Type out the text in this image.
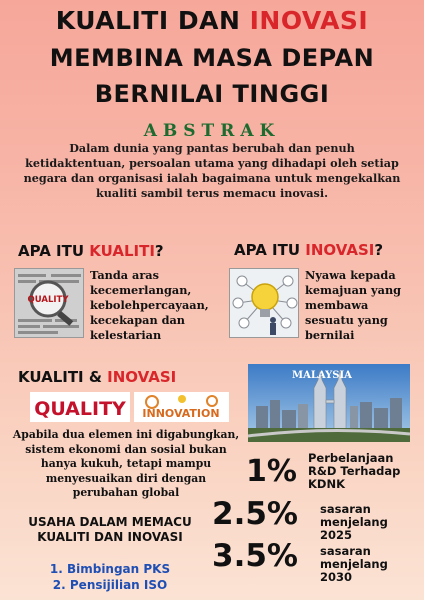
KUALITI DAN INOVASI
MEMBINA MASA DEPAN
BERNILAI TINGGI
ABSTRAK
Dalam dunia yang pantas berubah dan penuh ketidaktentuan, persoalan utama yang dihadapi oleh setiap negara dan organisasi ialah bagaimana untuk mengekalkan kualiti sambil terus memacu inovasi.
APA ITU KUALITI?
QUALITY
Tanda aras kecemerlangan, kebolehpercayaan, kecekapan dan kelestarian
APA ITU INOVASI?
Nyawa kepada kemajuan yang membawa sesuatu yang bernilai
KUALITI & INOVASI
QUALITY INNOVATION
Apabila dua elemen ini digabungkan, sistem ekonomi dan sosial bukan hanya kukuh, tetapi mampu menyesuaikan diri dengan perubahan global
MALAYSIA
1% Perbelanjaan R&D Terhadap KDNK
2.5% sasaran menjelang 2025
3.5% sasaran menjelang 2030
USAHA DALAM MEMACU KUALITI DAN INOVASI
1. Bimbingan PKS
2. Pensijilian ISO
